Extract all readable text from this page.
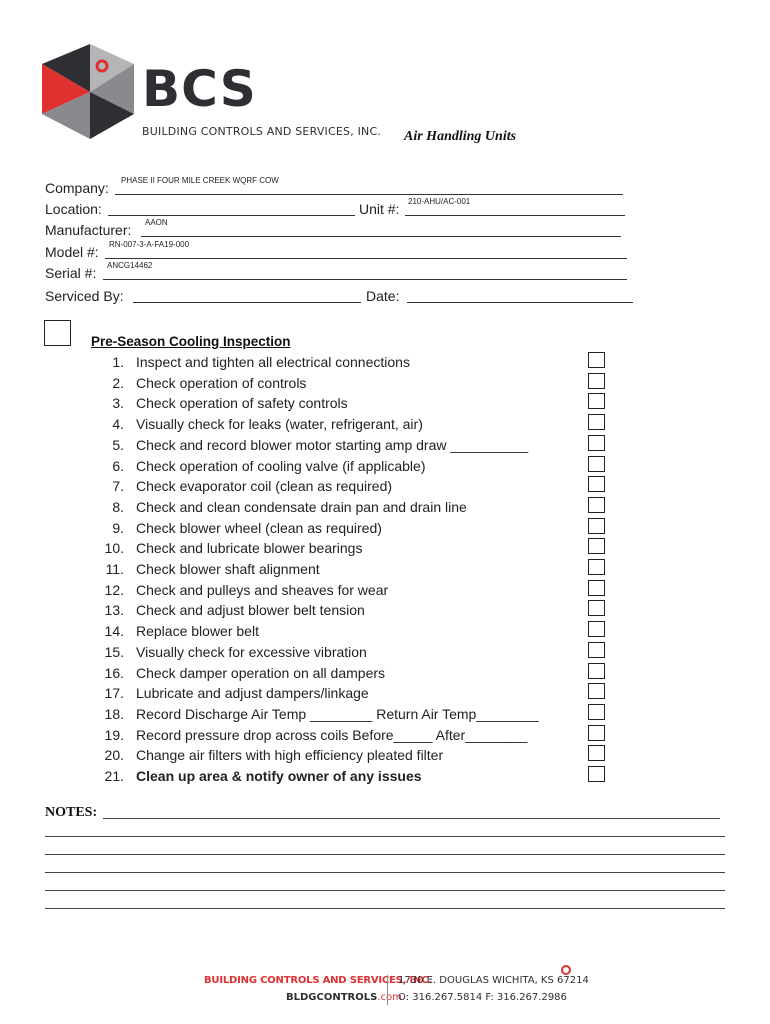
BCS
BUILDING CONTROLS AND SERVICES, INC. Air Handling Units
Company: PHASE II FOUR MILE CREEK WQRF COW
Location:	Unit #: 210-AHU/AC-001
Manufacturer: AAON
Model #: RN-007-3-A-FA19-000
Serial #: ANCG14462
Serviced By:	Date:
Pre-Season Cooling Inspection
1. Inspect and tighten all electrical connections
2. Check operation of controls
3. Check operation of safety controls
4. Visually check for leaks (water, refrigerant, air)
5. Check and record blower motor starting amp draw __________
6. Check operation of cooling valve (if applicable)
7. Check evaporator coil (clean as required)
8. Check and clean condensate drain pan and drain line
9. Check blower wheel (clean as required)
10. Check and lubricate blower bearings
11. Check blower shaft alignment
12. Check and pulleys and sheaves for wear
13. Check and adjust blower belt tension
14. Replace blower belt
15. Visually check for excessive vibration
16. Check damper operation on all dampers
17. Lubricate and adjust dampers/linkage
18. Record Discharge Air Temp ________ Return Air Temp________
19. Record pressure drop across coils Before_____ After________
20. Change air filters with high efficiency pleated filter
21. Clean up area & notify owner of any issues
NOTES:
BUILDING CONTROLS AND SERVICES, INC.
BLDGCONTROLS.com
1730 E. DOUGLAS WICHITA, KS 67214
O: 316.267.5814 F: 316.267.2986
